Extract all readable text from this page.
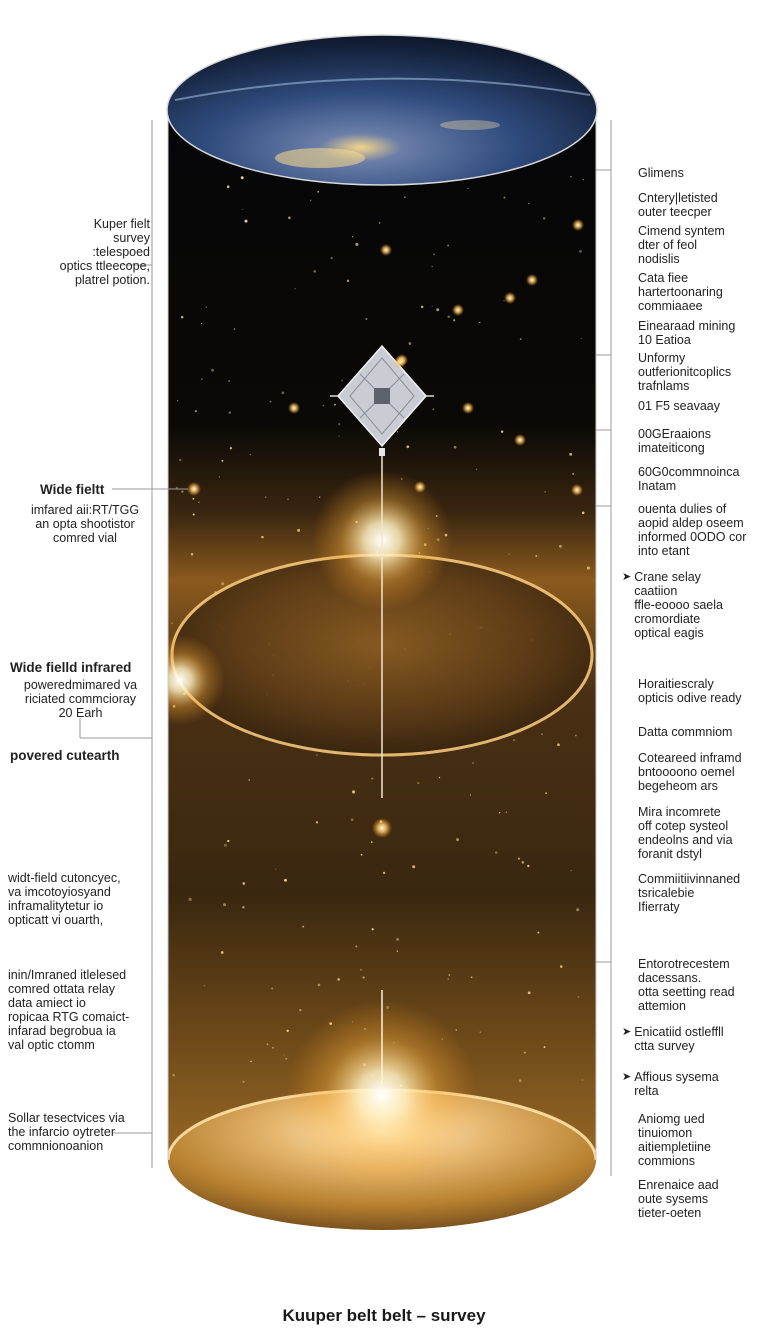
Kuper fielt
survey :telespoed
optics ttleecope,
platrel potion.
Wide fieltt
imfared aii:RT/TGG
an opta shootistor
comred vial
Wide fielld infrared
poweredmimared va
riciated commcioray
20 Earh
povered cutearth
widt-field cutoncyec,
va imcotoyiosyand
inframalitytetur io
opticatt vi ouarth,
inin/Imraned itlelesed
comred ottata relay
data amiect io
ropicaa RTG comaict-
infarad begrobua ia
val optic ctomm
Sollar tesectvices via
the infarcio oytreter
commnionoanion
Glimens
Cntery|letisted
outer teecper
Cimend syntem
dter of feol
nodislis
Cata fiee
hartertoonaring
commiaaee
Einearaad mining
10 Eatioa
Unformy
outferionitcoplics
trafnlams
01 F5 seavaay
00GEraaions
imateiticong
60G0commnoinca
Inatam
ouenta dulies of
aopid aldep oseem
informed 0ODO cor
into etant
➤ Crane selay
caatiion
ffle-eoooo saela
cromordiate
optical eagis
Horaitiescraly
opticis odive ready
Datta commniom
Coteareed inframd
bntoooono oemel
begeheom ars
Mira incomrete
off cotep systeol
endeolns and via
foranit dstyl
Commiitiivinnaned
tsricalebie
Ifierraty
Entorotrecestem
dacessans.
otta seetting read
attemion
➤ Enicatiid ostleffll
ctta survey
➤ Affious sysema
relta
Aniomg ued
tinuiomon
aitiempletiine
commions
Enrenaice aad
oute sysems
tieter-oeten
Kuuper belt belt – survey
